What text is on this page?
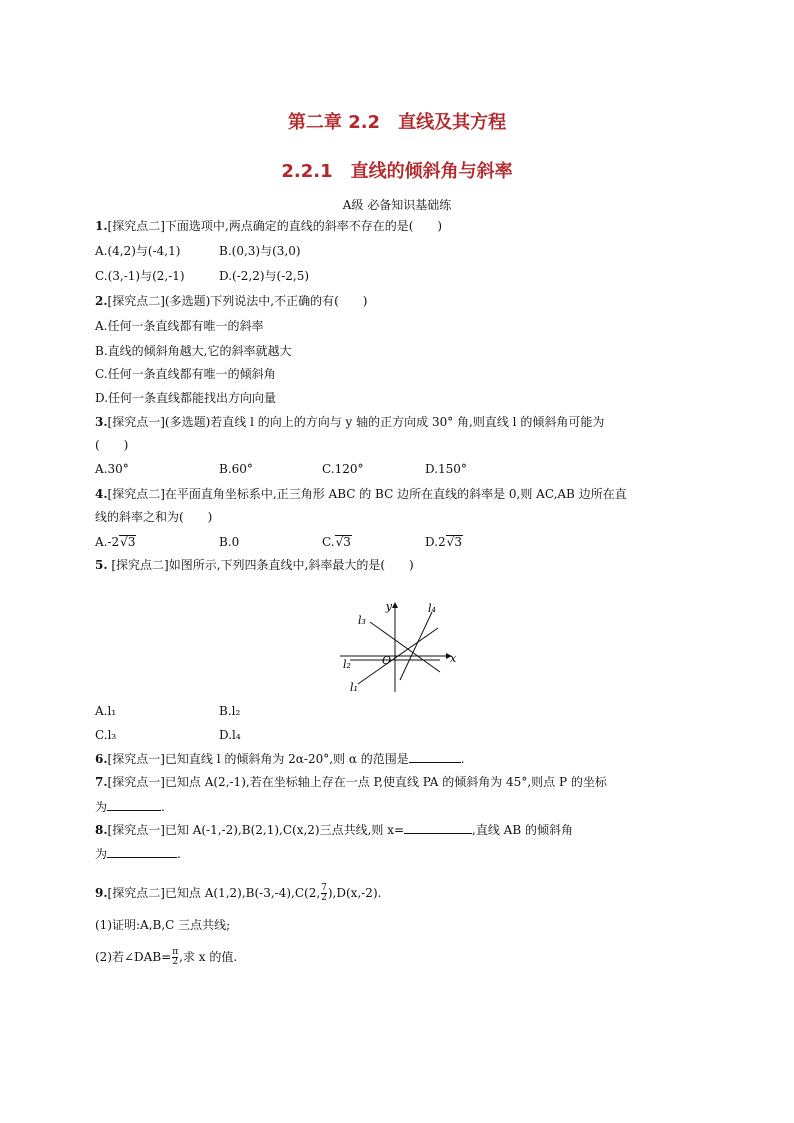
第二章 2.2　直线及其方程
2.2.1　直线的倾斜角与斜率
A级 必备知识基础练
1.[探究点二]下面选项中,两点确定的直线的斜率不存在的是(　　)
A.(4,2)与(-4,1)	B.(0,3)与(3,0)
C.(3,-1)与(2,-1)	D.(-2,2)与(-2,5)
2.[探究点二](多选题)下列说法中,不正确的有(　　)
A.任何一条直线都有唯一的斜率
B.直线的倾斜角越大,它的斜率就越大
C.任何一条直线都有唯一的倾斜角
D.任何一条直线都能找出方向向量
3.[探究点一](多选题)若直线 l 的向上的方向与 y 轴的正方向成 30° 角,则直线 l 的倾斜角可能为
(　　)
A.30°	B.60°	C.120°	D.150°
4.[探究点二]在平面直角坐标系中,正三角形 ABC 的 BC 边所在直线的斜率是 0,则 AC,AB 边所在直
线的斜率之和为(　　)
A.-2√3	B.0	C.√3	D.2√3
5. [探究点二]如图所示,下列四条直线中,斜率最大的是(　　)
y
x
O
l₁
l₂
l₃
l₄
A.l₁	B.l₂
C.l₃	D.l₄
6.[探究点一]已知直线 l 的倾斜角为 2α-20°,则 α 的范围是	.
7.[探究点一]已知点 A(2,-1),若在坐标轴上存在一点 P,使直线 PA 的倾斜角为 45°,则点 P 的坐标
为	.
8.[探究点一]已知 A(-1,-2),B(2,1),C(x,2)三点共线,则 x=	,直线 AB 的倾斜角
为	.
9.[探究点二]已知点 A(1,2),B(-3,-4),C(2, $\frac{7}{2} ),D(x,-2)$.
(1)证明:A,B,C 三点共线;
(2)若∠DAB= $\frac{\pi}{2}$ ,求 x 的值.
